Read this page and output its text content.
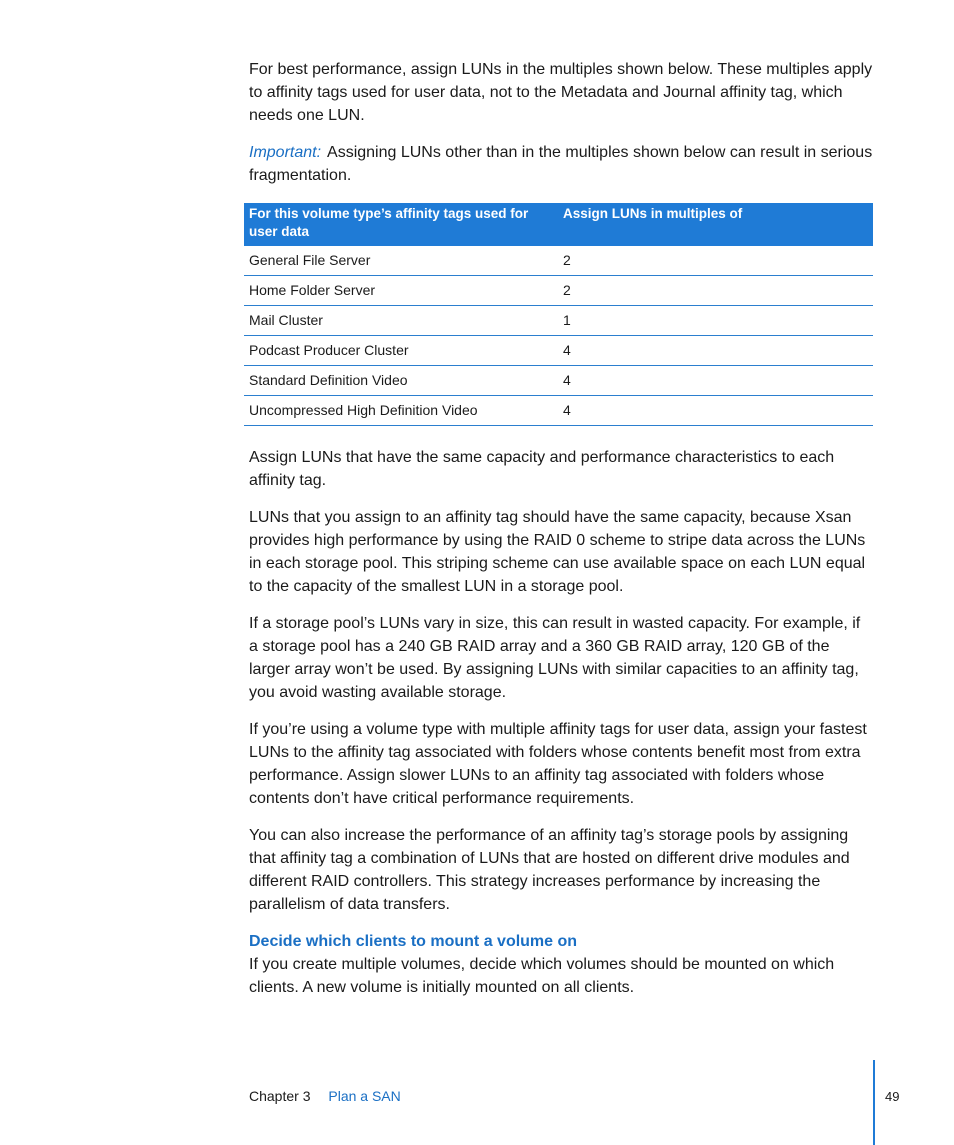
For best performance, assign LUNs in the multiples shown below. These multiples apply to affinity tags used for user data, not to the Metadata and Journal affinity tag, which needs one LUN.

Important: Assigning LUNs other than in the multiples shown below can result in serious fragmentation.

For this volume type’s affinity tags used for user data	Assign LUNs in multiples of
General File Server	2
Home Folder Server	2
Mail Cluster	1
Podcast Producer Cluster	4
Standard Definition Video	4
Uncompressed High Definition Video	4

Assign LUNs that have the same capacity and performance characteristics to each affinity tag.

LUNs that you assign to an affinity tag should have the same capacity, because Xsan provides high performance by using the RAID 0 scheme to stripe data across the LUNs in each storage pool. This striping scheme can use available space on each LUN equal to the capacity of the smallest LUN in a storage pool.

If a storage pool’s LUNs vary in size, this can result in wasted capacity. For example, if a storage pool has a 240 GB RAID array and a 360 GB RAID array, 120 GB of the larger array won’t be used. By assigning LUNs with similar capacities to an affinity tag, you avoid wasting available storage.

If you’re using a volume type with multiple affinity tags for user data, assign your fastest LUNs to the affinity tag associated with folders whose contents benefit most from extra performance. Assign slower LUNs to an affinity tag associated with folders whose contents don’t have critical performance requirements.

You can also increase the performance of an affinity tag’s storage pools by assigning that affinity tag a combination of LUNs that are hosted on different drive modules and different RAID controllers. This strategy increases performance by increasing the parallelism of data transfers.

Decide which clients to mount a volume on

If you create multiple volumes, decide which volumes should be mounted on which clients. A new volume is initially mounted on all clients.

Chapter 3 Plan a SAN	49
